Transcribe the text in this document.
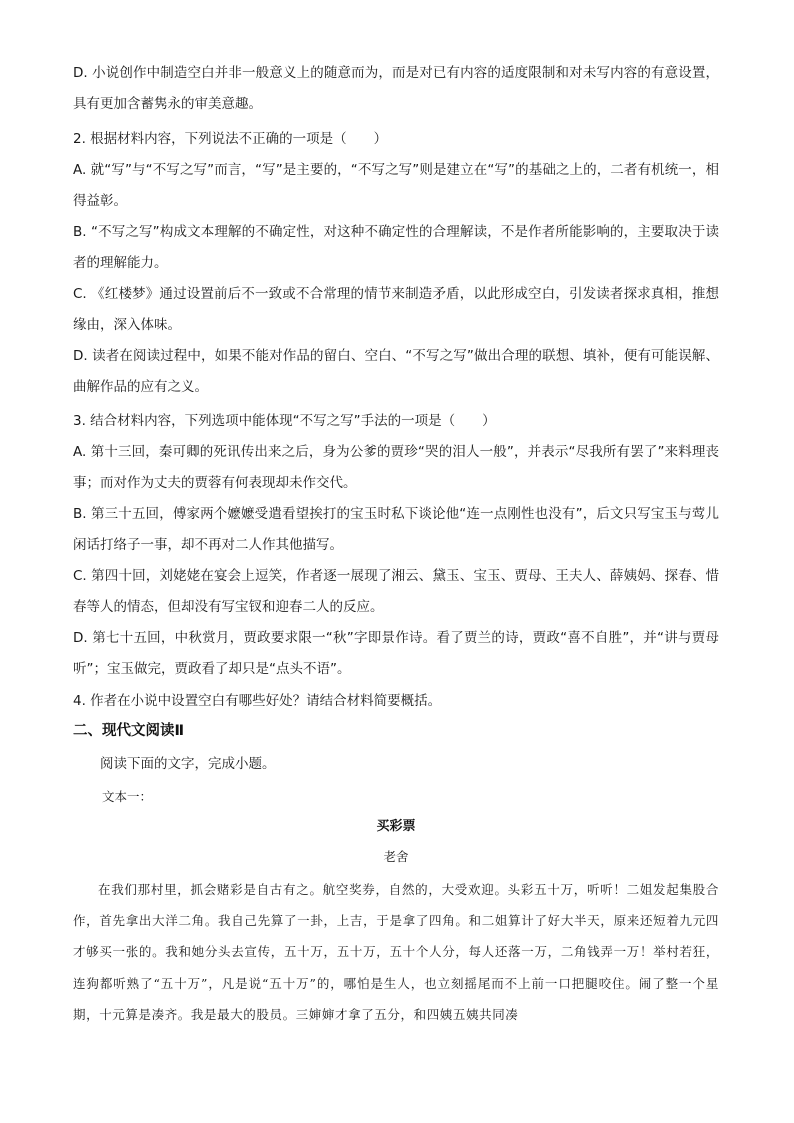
D. 小说创作中制造空白并非一般意义上的随意而为，而是对已有内容的适度限制和对未写内容的有意设置，具有更加含蓄隽永的审美意趣。

2. 根据材料内容，下列说法不正确的一项是（　　）

A. 就“写”与“不写之写”而言，“写”是主要的，“不写之写”则是建立在“写”的基础之上的，二者有机统一，相得益彰。

B. “不写之写”构成文本理解的不确定性，对这种不确定性的合理解读，不是作者所能影响的，主要取决于读者的理解能力。

C. 《红楼梦》通过设置前后不一致或不合常理的情节来制造矛盾，以此形成空白，引发读者探求真相，推想缘由，深入体味。

D. 读者在阅读过程中，如果不能对作品的留白、空白、“不写之写”做出合理的联想、填补，便有可能误解、曲解作品的应有之义。

3. 结合材料内容，下列选项中能体现“不写之写”手法的一项是（　　）

A. 第十三回，秦可卿的死讯传出来之后，身为公爹的贾珍“哭的泪人一般”，并表示“尽我所有罢了”来料理丧事；而对作为丈夫的贾蓉有何表现却未作交代。

B. 第三十五回，傅家两个嬷嬷受遣看望挨打的宝玉时私下谈论他“连一点刚性也没有”，后文只写宝玉与莺儿闲话打络子一事，却不再对二人作其他描写。

C. 第四十回，刘姥姥在宴会上逗笑，作者逐一展现了湘云、黛玉、宝玉、贾母、王夫人、薛姨妈、探春、惜春等人的情态，但却没有写宝钗和迎春二人的反应。

D. 第七十五回，中秋赏月，贾政要求限一“秋”字即景作诗。看了贾兰的诗，贾政“喜不自胜”，并“讲与贾母听”；宝玉做完，贾政看了却只是“点头不语”。

4. 作者在小说中设置空白有哪些好处？请结合材料简要概括。

二、现代文阅读Ⅱ

阅读下面的文字，完成小题。

文本一：

买彩票
老舍

在我们那村里，抓会赌彩是自古有之。航空奖券，自然的，大受欢迎。头彩五十万，听听！二姐发起集股合作，首先拿出大洋二角。我自己先算了一卦，上吉，于是拿了四角。和二姐算计了好大半天，原来还短着九元四才够买一张的。我和她分头去宣传，五十万，五十万，五十个人分，每人还落一万，二角钱弄一万！举村若狂，连狗都听熟了“五十万”，凡是说“五十万”的，哪怕是生人，也立刻摇尾而不上前一口把腿咬住。闹了整一个星期，十元算是凑齐。我是最大的股员。三婶婶才拿了五分，和四姨五姨共同凑
